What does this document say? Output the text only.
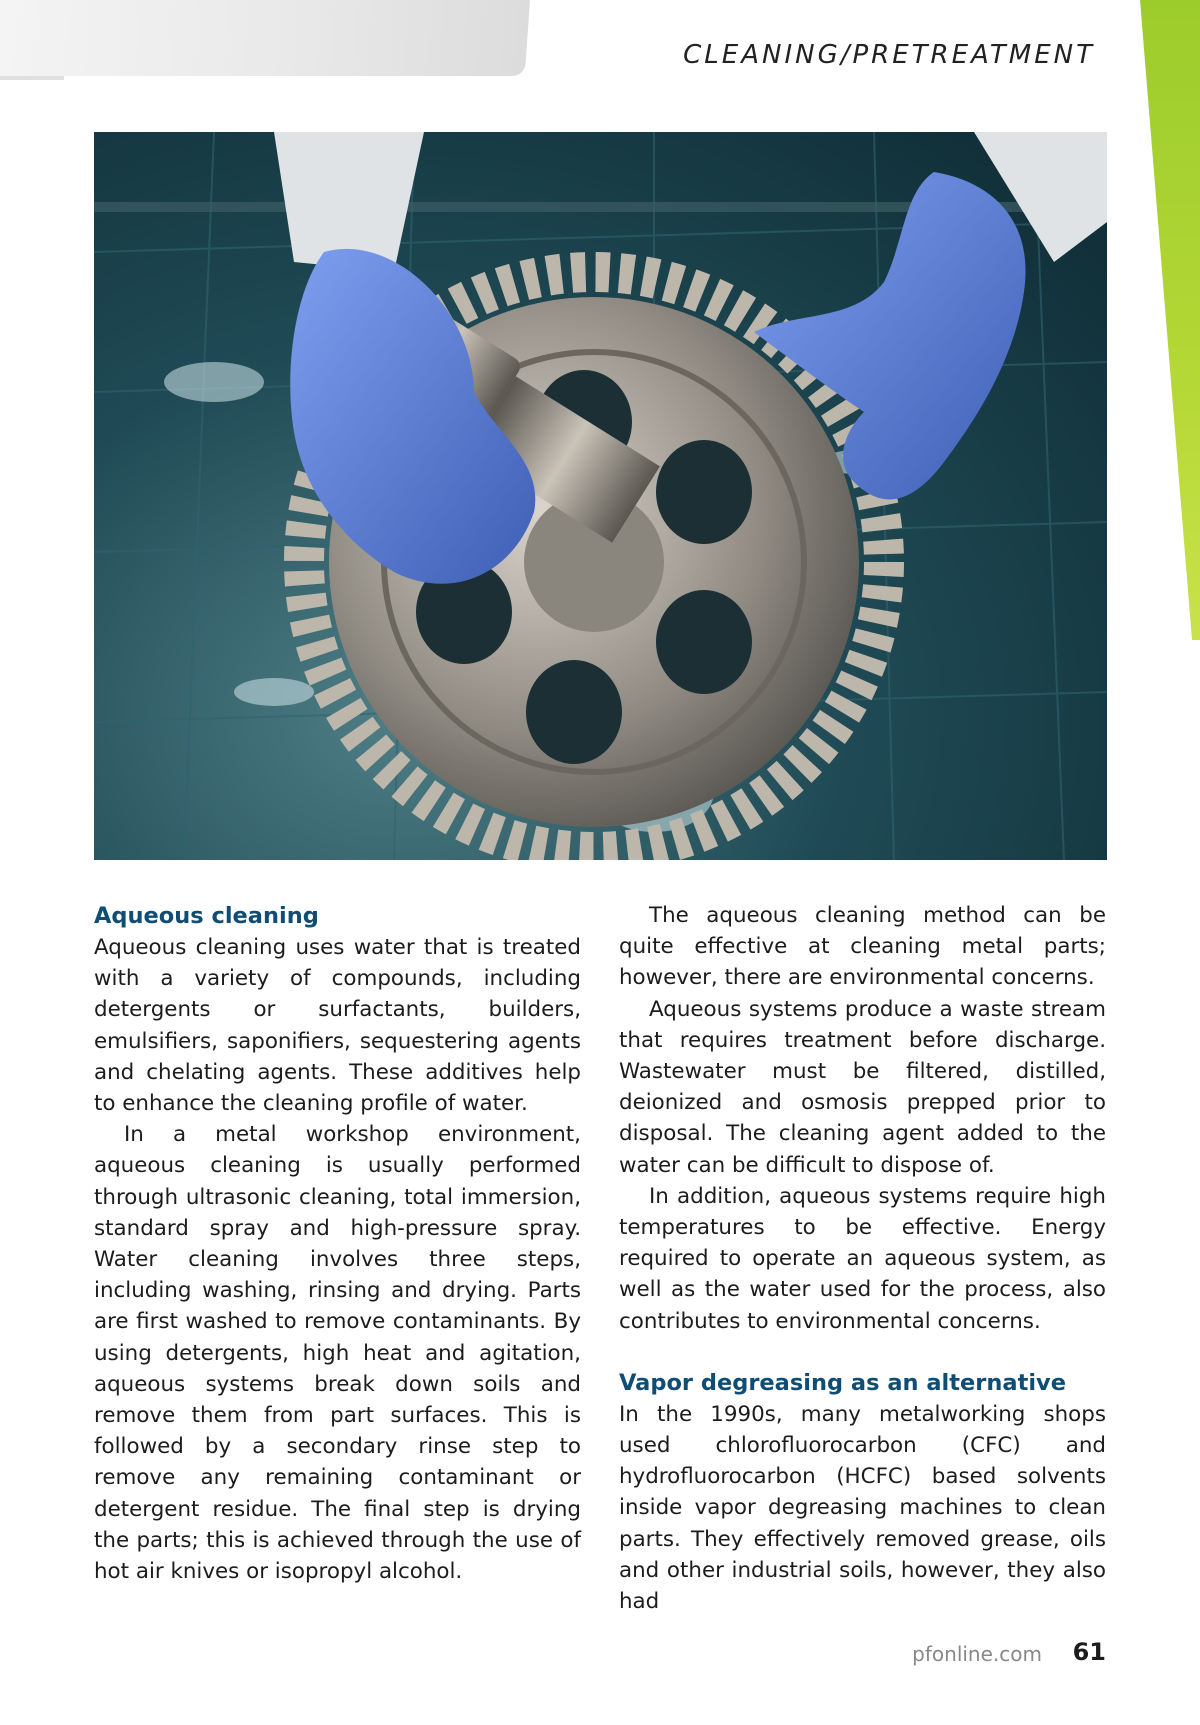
CLEANING/PRETREATMENT
Aqueous cleaning

Aqueous cleaning uses water that is treated with a variety of compounds, including detergents or surfactants, builders, emulsifiers, saponifiers, sequestering agents and chelating agents. These additives help to enhance the cleaning profile of water.

In a metal workshop environment, aqueous cleaning is usually performed through ultrasonic cleaning, total immersion, standard spray and high-pressure spray. Water cleaning involves three steps, including washing, rinsing and drying. Parts are first washed to remove contaminants. By using detergents, high heat and agitation, aqueous systems break down soils and remove them from part surfaces. This is followed by a secondary rinse step to remove any remaining contaminant or detergent residue. The final step is drying the parts; this is achieved through the use of hot air knives or isopropyl alcohol.

The aqueous cleaning method can be quite effective at cleaning metal parts; however, there are environmental concerns.

Aqueous systems produce a waste stream that requires treatment before discharge. Wastewater must be filtered, distilled, deionized and osmosis prepped prior to disposal. The cleaning agent added to the water can be difficult to dispose of.

In addition, aqueous systems require high temperatures to be effective. Energy required to operate an aqueous system, as well as the water used for the process, also contributes to environmental concerns.

Vapor degreasing as an alternative

In the 1990s, many metalworking shops used chlorofluorocarbon (CFC) and hydrofluorocarbon (HCFC) based solvents inside vapor degreasing machines to clean parts. They effectively removed grease, oils and other industrial soils, however, they also had

pfonline.com	61
